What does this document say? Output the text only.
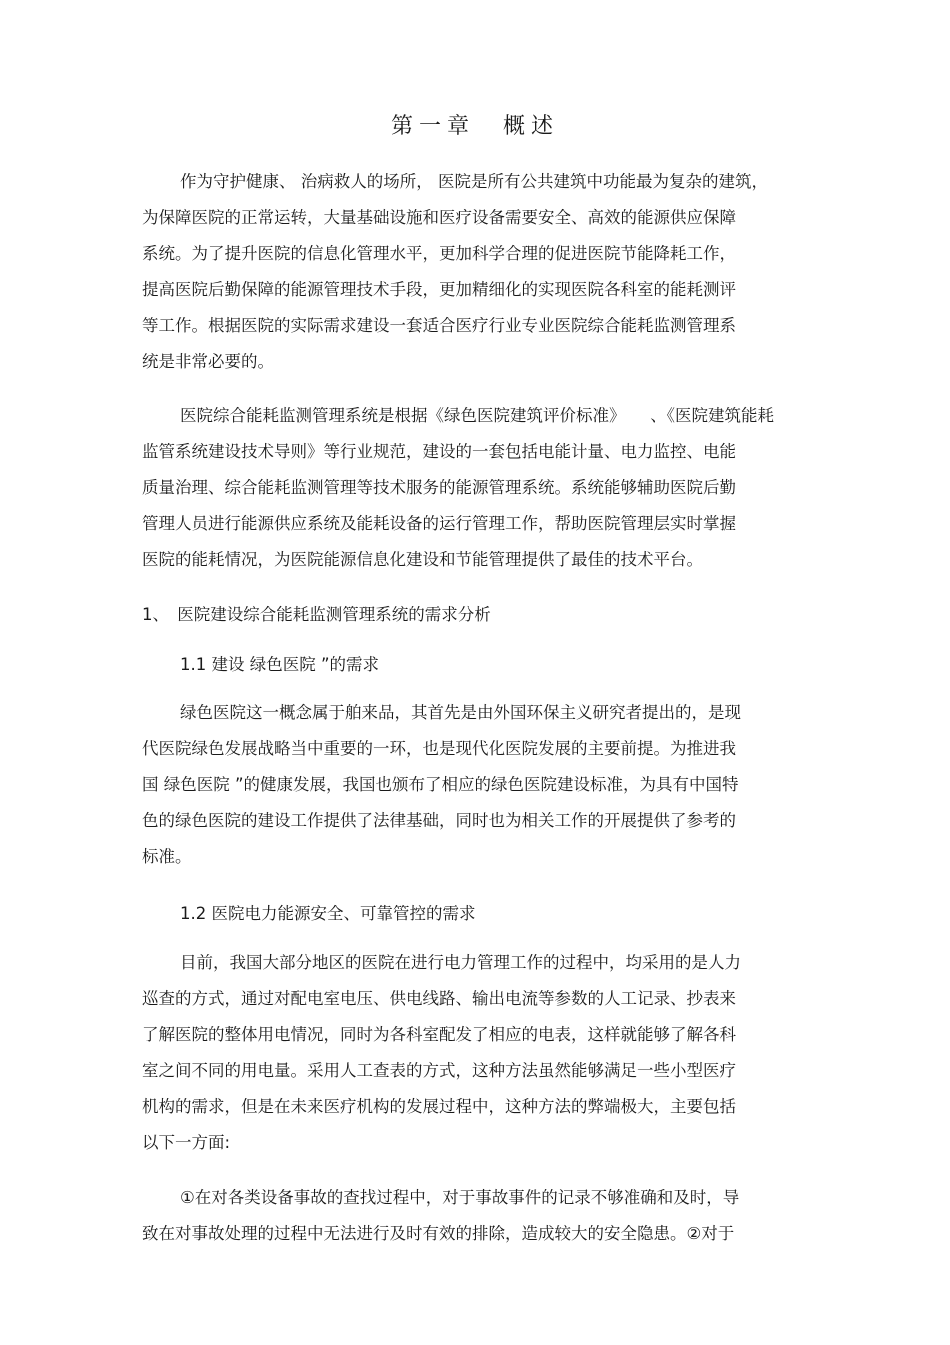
第一章　概述
作为守护健康、 治病救人的场所， 医院是所有公共建筑中功能最为复杂的建筑，
为保障医院的正常运转，大量基础设施和医疗设备需要安全、高效的能源供应保障
系统。为了提升医院的信息化管理水平，更加科学合理的促进医院节能降耗工作，
提高医院后勤保障的能源管理技术手段，更加精细化的实现医院各科室的能耗测评
等工作。根据医院的实际需求建设一套适合医疗行业专业医院综合能耗监测管理系
统是非常必要的。
医院综合能耗监测管理系统是根据《绿色医院建筑评价标准》　　、《医院建筑能耗
监管系统建设技术导则》等行业规范，建设的一套包括电能计量、电力监控、电能
质量治理、综合能耗监测管理等技术服务的能源管理系统。系统能够辅助医院后勤
管理人员进行能源供应系统及能耗设备的运行管理工作，帮助医院管理层实时掌握
医院的能耗情况，为医院能源信息化建设和节能管理提供了最佳的技术平台。
1、　医院建设综合能耗监测管理系统的需求分析
1.1 建设 绿色医院 ”的需求
绿色医院这一概念属于舶来品，其首先是由外国环保主义研究者提出的，是现
代医院绿色发展战略当中重要的一环，也是现代化医院发展的主要前提。为推进我
国 绿色医院 ”的健康发展，我国也颁布了相应的绿色医院建设标准，为具有中国特
色的绿色医院的建设工作提供了法律基础，同时也为相关工作的开展提供了参考的
标准。
1.2 医院电力能源安全、可靠管控的需求
目前，我国大部分地区的医院在进行电力管理工作的过程中，均采用的是人力
巡查的方式，通过对配电室电压、供电线路、输出电流等参数的人工记录、抄表来
了解医院的整体用电情况，同时为各科室配发了相应的电表，这样就能够了解各科
室之间不同的用电量。采用人工查表的方式，这种方法虽然能够满足一些小型医疗
机构的需求，但是在未来医疗机构的发展过程中，这种方法的弊端极大，主要包括
以下一方面:
①在对各类设备事故的查找过程中，对于事故事件的记录不够准确和及时，导
致在对事故处理的过程中无法进行及时有效的排除，造成较大的安全隐患。②对于
